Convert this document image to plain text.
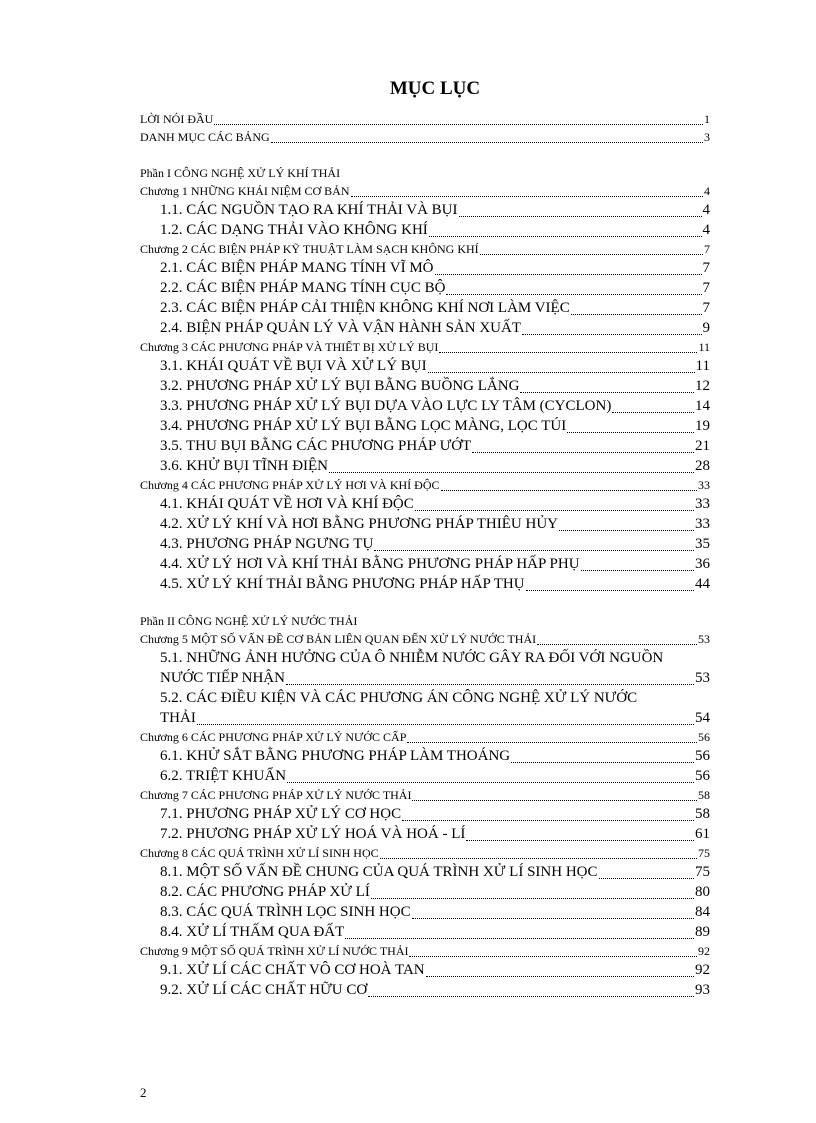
MỤC LỤC
LỜI NÓI ĐẦU	1
DANH MỤC CÁC BẢNG	3
Phần I CÔNG NGHỆ XỬ LÝ KHÍ THẢI
Chương 1 NHỮNG KHÁI NIỆM CƠ BẢN	4
1.1. CÁC NGUỒN TẠO RA KHÍ THẢI VÀ BỤI	4
1.2. CÁC DẠNG THẢI VÀO KHÔNG KHÍ	4
Chương 2 CÁC BIỆN PHÁP KỸ THUẬT LÀM SẠCH KHÔNG KHÍ	7
2.1. CÁC BIỆN PHÁP MANG TÍNH VĨ MÔ	7
2.2. CÁC BIỆN PHÁP MANG TÍNH CỤC BỘ	7
2.3. CÁC BIỆN PHÁP CẢI THIỆN KHÔNG KHÍ NƠI LÀM VIỆC	7
2.4. BIỆN PHÁP QUẢN LÝ VÀ VẬN HÀNH SẢN XUẤT	9
Chương 3 CÁC PHƯƠNG PHÁP VÀ THIẾT BỊ XỬ LÝ BỤI	11
3.1. KHÁI QUÁT VỀ BỤI VÀ XỬ LÝ BỤI	11
3.2. PHƯƠNG PHÁP XỬ LÝ BỤI BẰNG BUỒNG LẮNG	12
3.3. PHƯƠNG PHÁP XỬ LÝ BỤI DỰA VÀO LỰC LY TÂM (CYCLON)	14
3.4. PHƯƠNG PHÁP XỬ LÝ BỤI BẰNG LỌC MÀNG, LỌC TÚI	19
3.5. THU BỤI BẰNG CÁC PHƯƠNG PHÁP ƯỚT	21
3.6. KHỬ BỤI TĨNH ĐIỆN	28
Chương 4 CÁC PHƯƠNG PHÁP XỬ LÝ HƠI VÀ KHÍ ĐỘC	33
4.1. KHÁI QUÁT VỀ HƠI VÀ KHÍ ĐỘC	33
4.2. XỬ LÝ KHÍ VÀ HƠI BẰNG PHƯƠNG PHÁP THIÊU HỦY	33
4.3. PHƯƠNG PHÁP NGƯNG TỤ	35
4.4. XỬ LÝ HƠI VÀ KHÍ THẢI BẰNG PHƯƠNG PHÁP HẤP PHỤ	36
4.5. XỬ LÝ KHÍ THẢI BẰNG PHƯƠNG PHÁP HẤP THỤ	44
Phần II CÔNG NGHỆ XỬ LÝ NƯỚC THẢI
Chương 5 MỘT SỐ VẤN ĐỀ CƠ BẢN LIÊN QUAN ĐẾN XỬ LÝ NƯỚC THẢI	53
5.1. NHỮNG ẢNH HƯỞNG CỦA Ô NHIỄM NƯỚC GÂY RA ĐỐI VỚI NGUỒN
NƯỚC TIẾP NHẬN	53
5.2. CÁC ĐIỀU KIỆN VÀ CÁC PHƯƠNG ÁN CÔNG NGHỆ XỬ LÝ NƯỚC
THẢI	54
Chương 6 CÁC PHƯƠNG PHÁP XỬ LÝ NƯỚC CẤP	56
6.1. KHỬ SẮT BẰNG PHƯƠNG PHÁP LÀM THOÁNG	56
6.2. TRIỆT KHUẨN	56
Chương 7 CÁC PHƯƠNG PHÁP XỬ LÝ NƯỚC THẢI	58
7.1. PHƯƠNG PHÁP XỬ LÝ CƠ HỌC	58
7.2. PHƯƠNG PHÁP XỬ LÝ HOÁ VÀ HOÁ - LÍ	61
Chương 8 CÁC QUÁ TRÌNH XỬ LÍ SINH HỌC	75
8.1. MỘT SỐ VẤN ĐỀ CHUNG CỦA QUÁ TRÌNH XỬ LÍ SINH HỌC	75
8.2. CÁC PHƯƠNG PHÁP XỬ LÍ	80
8.3. CÁC QUÁ TRÌNH LỌC SINH HỌC	84
8.4. XỬ LÍ THẤM QUA ĐẤT	89
Chương 9 MỘT SỐ QUÁ TRÌNH XỬ LÍ NƯỚC THẢI	92
9.1. XỬ LÍ CÁC CHẤT VÔ CƠ HOÀ TAN	92
9.2. XỬ LÍ CÁC CHẤT HỮU CƠ	93
2
